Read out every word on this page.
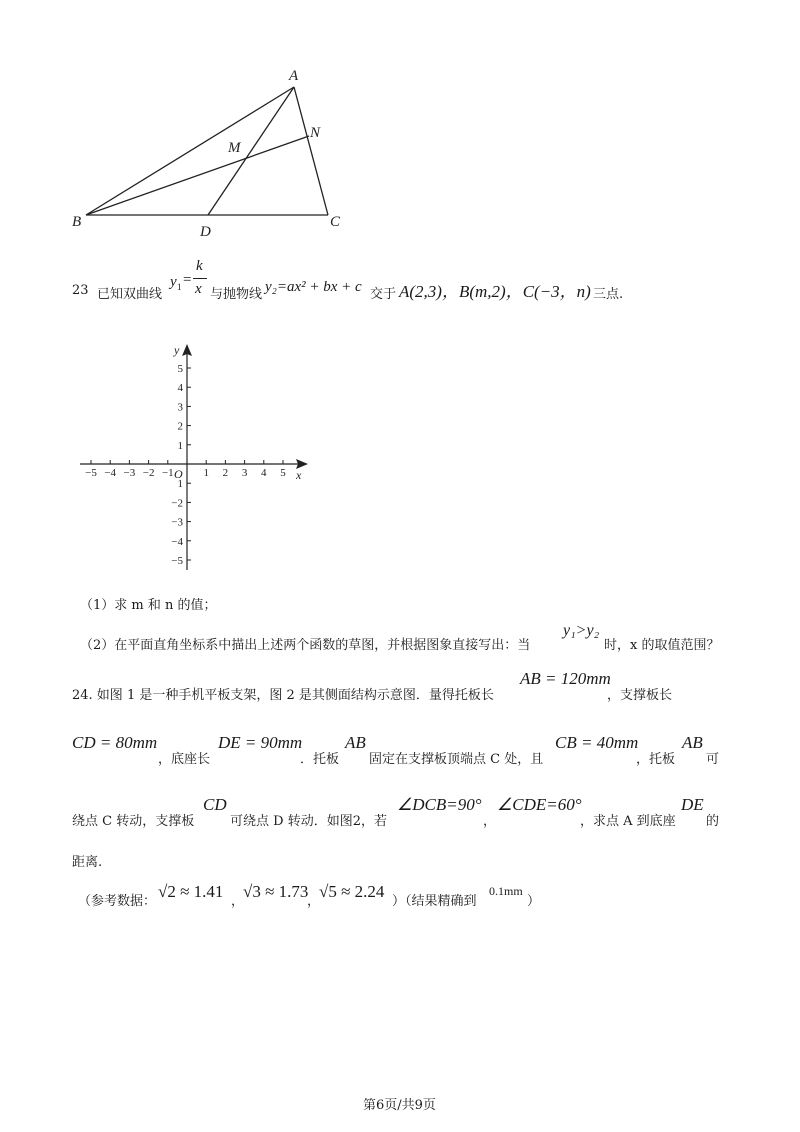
A
B	C
D
M
N
23 已知双曲线
y 1 =
k
x 与抛物线 y₂=ax² + bx + c 交于 A(2,3)，B(m,2)，C(−3，n) 三点.
x
y
O
−5 −4 −3 −2 −1	1 2 3 4 5
5
4
3
2
1
1
−2
−3
−4
−5
（1）求 m 和 n 的值；
（2）在平面直角坐标系中描出上述两个函数的草图，并根据图象直接写出：当
y₁>y₂
时，x 的取值范围？
24. 如图 1 是一种手机平板支架，图 2 是其侧面结构示意图．量得托板长
AB = 120mm
，支撑板长
CD = 80mm
，底座长
DE = 90mm
．托板
AB
固定在支撑板顶端点 C 处，且
CB = 40mm
，托板
AB
可
绕点 C 转动，支撑板
CD
可绕点 D 转动．如图2，若
∠DCB=90°
，
∠CDE=60°
，求点 A 到底座
DE
的
距离.
（参考数据：
√2 ≈ 1.41
，
√3 ≈ 1.73
，
√5 ≈ 2.24
）（结果精确到
0.1mm
）
第6页/共9页
